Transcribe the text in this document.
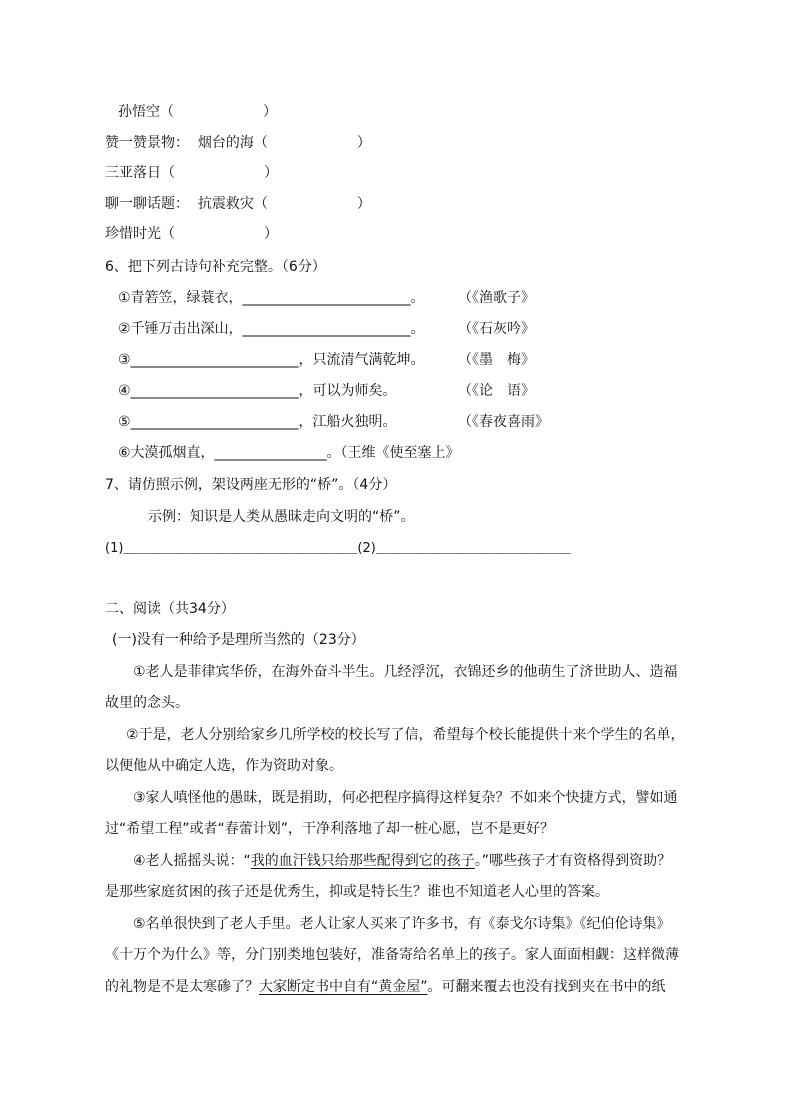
孙悟空（                    ）
赞一赞景物：  烟台的海（                    ）
三亚落日（                    ）
聊一聊话题：  抗震救灾（                    ）
珍惜时光（                    ）
6、把下列古诗句补充完整。（6分）
①青箬笠，绿蓑衣，________________________。 （《渔歌子》
②千锤万击出深山，________________________。 （《石灰吟》
③________________________，只流清气满乾坤。 （《墨　梅》
④________________________，可以为师矣。	（《论　语》
⑤________________________，江船火独明。	（《春夜喜雨》
⑥大漠孤烟直，________________。（王维《使至塞上》
7、请仿照示例，架设两座无形的“桥”。（4分）
示例：知识是人类从愚昧走向文明的“桥”。
(1)＿＿＿＿＿＿＿＿＿＿＿＿＿＿＿＿＿＿(2)＿＿＿＿＿＿＿＿＿＿＿＿＿＿＿
二、阅读（共34分）
(一)没有一种给予是理所当然的（23分）
①老人是菲律宾华侨，在海外奋斗半生。几经浮沉，衣锦还乡的他萌生了济世助人、造福
故里的念头。
②于是，老人分别给家乡几所学校的校长写了信，希望每个校长能提供十来个学生的名单，
以便他从中确定人选，作为资助对象。
③家人嗔怪他的愚昧，既是捐助，何必把程序搞得这样复杂？不如来个快捷方式，譬如通
过“希望工程”或者“春蕾计划”，干净利落地了却一桩心愿，岂不是更好？
④老人摇摇头说：“我的血汗钱只给那些配得到它的孩子。”哪些孩子才有资格得到资助？
是那些家庭贫困的孩子还是优秀生，抑或是特长生？谁也不知道老人心里的答案。
⑤名单很快到了老人手里。老人让家人买来了许多书，有《泰戈尔诗集》《纪伯伦诗集》
《十万个为什么》等，分门别类地包装好，准备寄给名单上的孩子。家人面面相觑：这样微薄
的礼物是不是太寒碜了？大家断定书中自有“黄金屋”。可翻来覆去也没有找到夹在书中的纸
